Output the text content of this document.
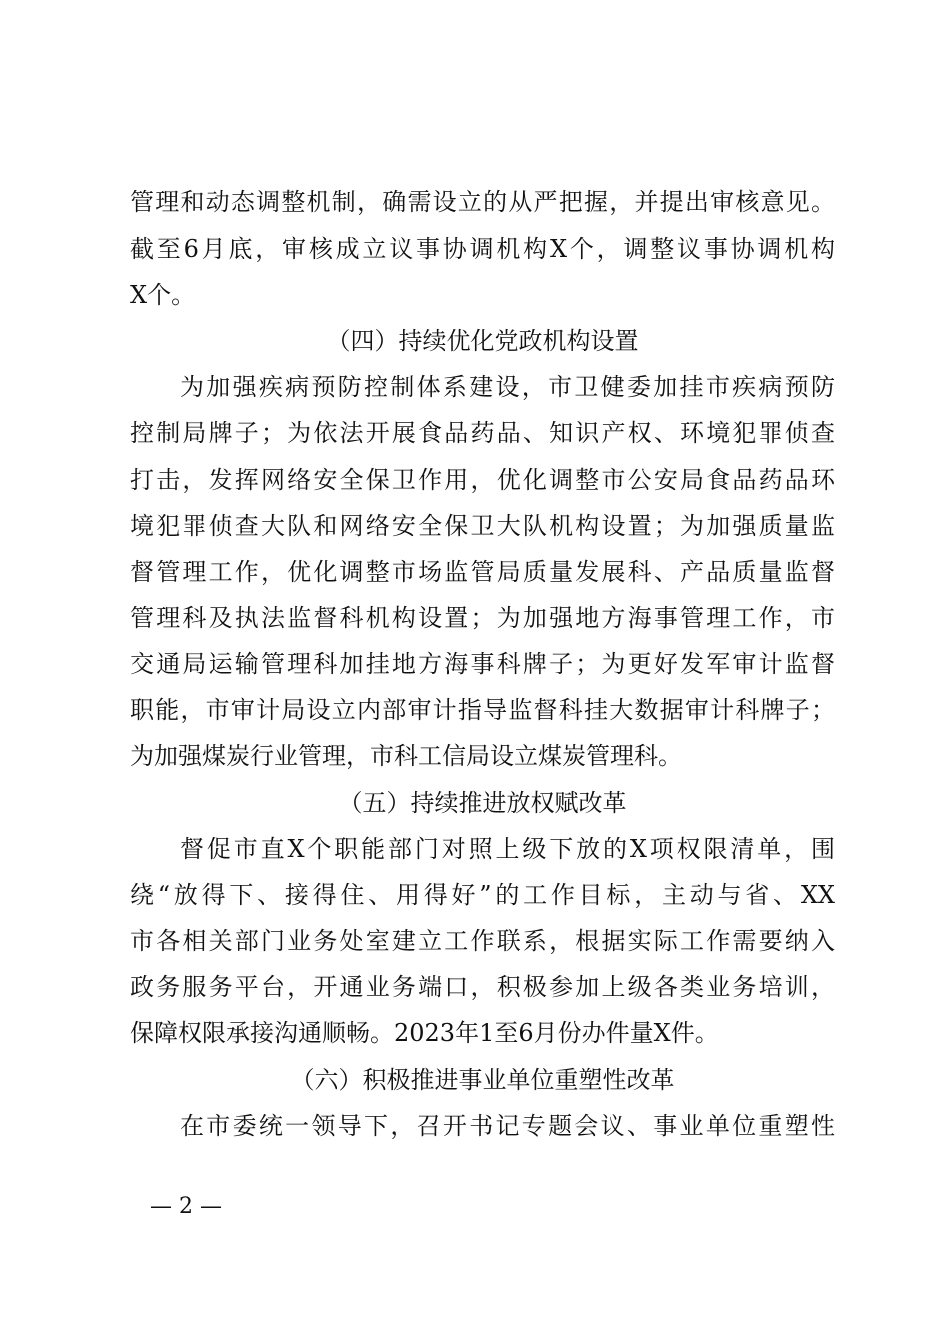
管理和动态调整机制，确需设立的从严把握，并提出审核意见。
截至6月底，审核成立议事协调机构X个，调整议事协调机构
X个。
（四）持续优化党政机构设置
为加强疾病预防控制体系建设，市卫健委加挂市疾病预防
控制局牌子；为依法开展食品药品、知识产权、环境犯罪侦查
打击，发挥网络安全保卫作用，优化调整市公安局食品药品环
境犯罪侦查大队和网络安全保卫大队机构设置；为加强质量监
督管理工作，优化调整市场监管局质量发展科、产品质量监督
管理科及执法监督科机构设置；为加强地方海事管理工作，市
交通局运输管理科加挂地方海事科牌子；为更好发军审计监督
职能，市审计局设立内部审计指导监督科挂大数据审计科牌子；
为加强煤炭行业管理，市科工信局设立煤炭管理科。
（五）持续推进放权赋改革
督促市直X个职能部门对照上级下放的X项权限清单，围
绕“放得下、接得住、用得好”的工作目标，主动与省、XX
市各相关部门业务处室建立工作联系，根据实际工作需要纳入
政务服务平台，开通业务端口，积极参加上级各类业务培训，
保障权限承接沟通顺畅。2023年1至6月份办件量X件。
（六）积极推进事业单位重塑性改革
在市委统一领导下，召开书记专题会议、事业单位重塑性
— 2 —
